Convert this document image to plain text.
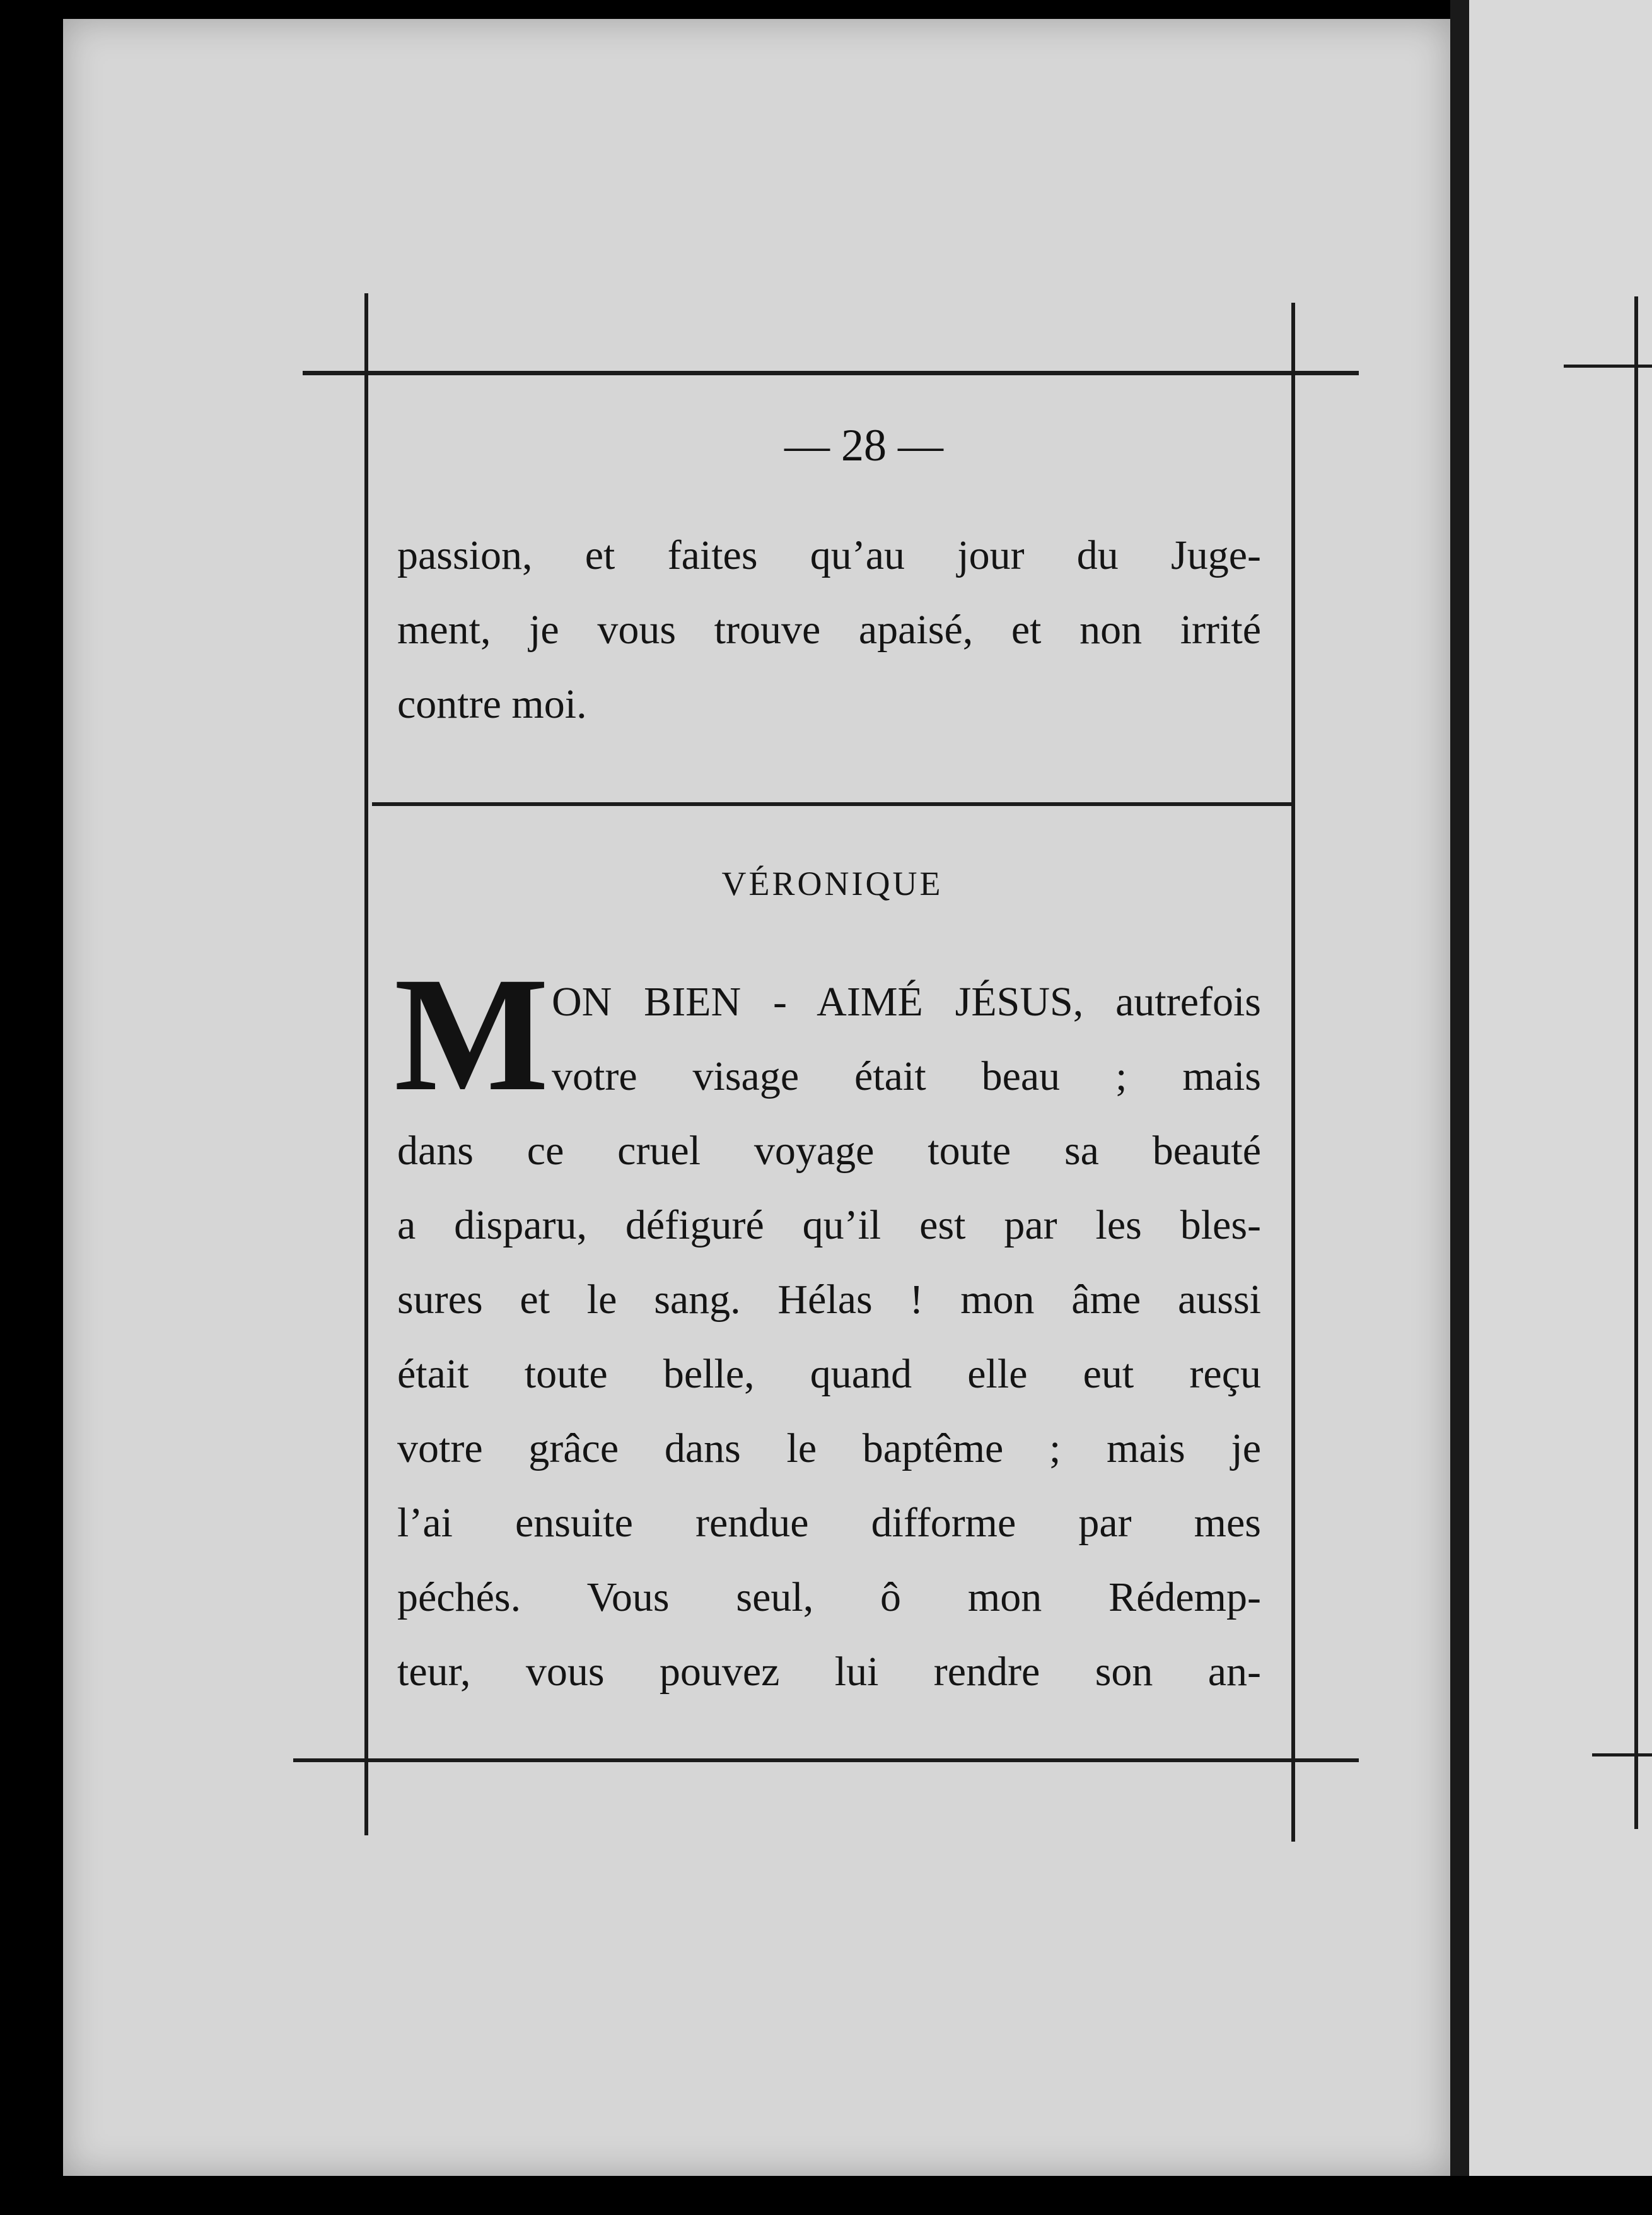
— 28 —
passion, et faites qu’au jour du Juge-
ment, je vous trouve apaisé, et non irrité
contre moi.
VÉRONIQUE
M ON BIEN - AIMÉ JÉSUS, autrefois
votre visage était beau ; mais
dans ce cruel voyage toute sa beauté
a disparu, défiguré qu’il est par les bles-
sures et le sang. Hélas ! mon âme aussi
était toute belle, quand elle eut reçu
votre grâce dans le baptême ; mais je
l’ai ensuite rendue difforme par mes
péchés. Vous seul, ô mon Rédemp-
teur, vous pouvez lui rendre son an-
